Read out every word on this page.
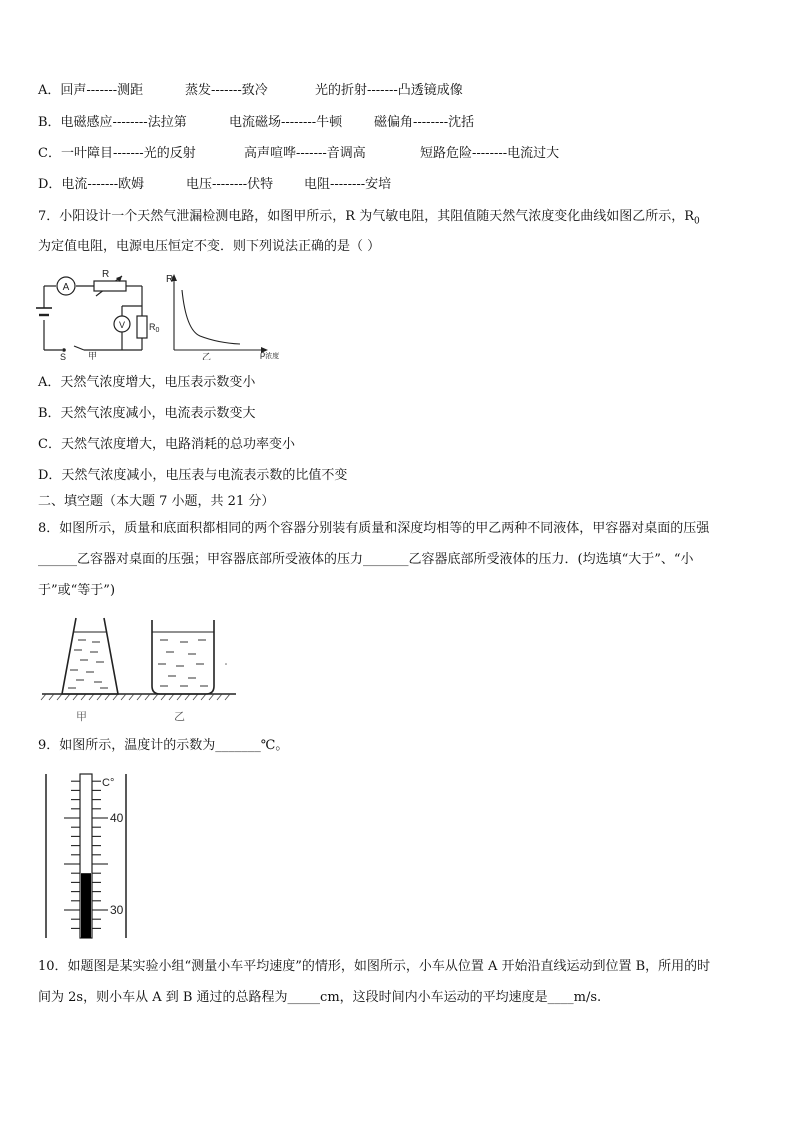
A．回声-------测距	蒸发-------致冷	光的折射-------凸透镜成像
B．电磁感应--------法拉第	电流磁场--------牛顿 磁偏角--------沈括
C．一叶障目-------光的反射	高声喧哗-------音调高	短路危险--------电流过大
D．电流-------欧姆	电压--------伏特 电阻--------安培
7．小阳设计一个天然气泄漏检测电路，如图甲所示，R 为气敏电阻，其阻值随天然气浓度变化曲线如图乙所示，$R_0$
为定值电阻，电源电压恒定不变．则下列说法正确的是（ ）
A
R
V	$R_0$
S 甲
R
ρ浓度
乙
A．天然气浓度增大，电压表示数变小
B．天然气浓度减小，电流表示数变大
C．天然气浓度增大，电路消耗的总功率变小
D．天然气浓度减小，电压表与电流表示数的比值不变
二、填空题（本大题 7 小题，共 21 分）
8．如图所示，质量和底面积都相同的两个容器分别装有质量和深度均相等的甲乙两种不同液体，甲容器对桌面的压强
______乙容器对桌面的压强；甲容器底部所受液体的压力_______乙容器底部所受液体的压力．(均选填“大于”、“小
于”或“等于”)
甲	乙
9．如图所示，温度计的示数为_______℃。
C°
40
30
10．如题图是某实验小组“测量小车平均速度”的情形，如图所示，小车从位置 A 开始沿直线运动到位置 B，所用的时
间为 2s，则小车从 A 到 B 通过的总路程为_____cm，这段时间内小车运动的平均速度是____m/s.
